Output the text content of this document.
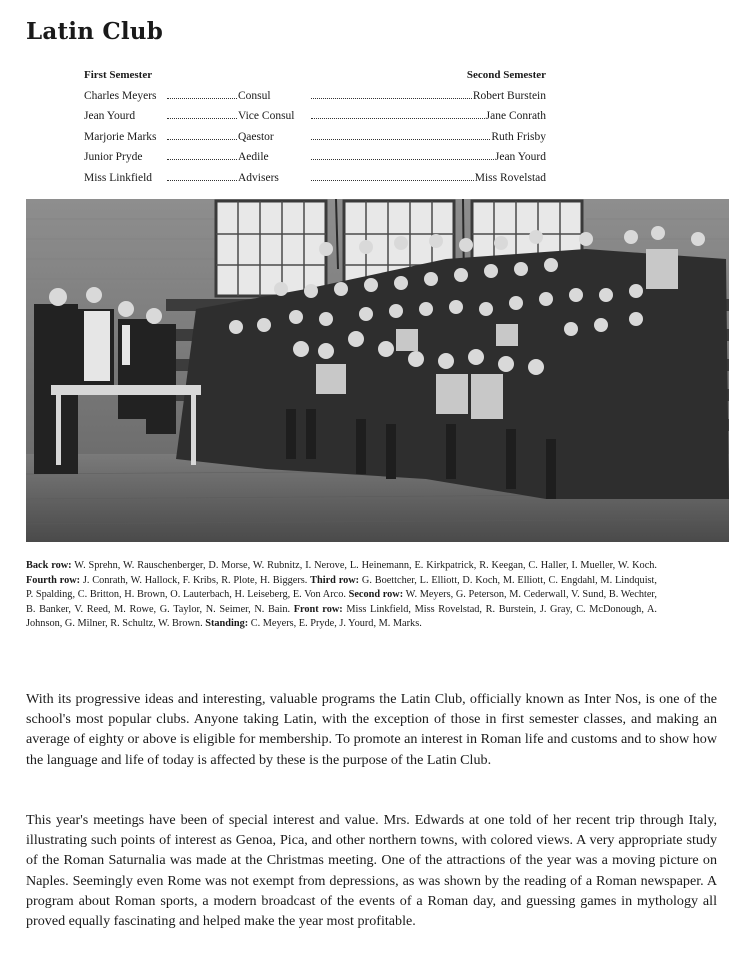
Latin Club
First Semester	Second Semester
Charles Meyers	Consul	Robert Burstein
Jean Yourd	Vice Consul	Jane Conrath
Marjorie Marks	Qaestor	Ruth Frisby
Junior Pryde	Aedile	Jean Yourd
Miss Linkfield	Advisers	Miss Rovelstad
Back row: W. Sprehn, W. Rauschenberger, D. Morse, W. Rubnitz, I. Nerove, L. Heinemann, E. Kirkpatrick, R. Keegan, C. Haller, I. Mueller, W. Koch. Fourth row: J. Conrath, W. Hallock, F. Kribs, R. Plote, H. Biggers. Third row: G. Boettcher, L. Elliott, D. Koch, M. Elliott, C. Engdahl, M. Lindquist, P. Spalding, C. Britton, H. Brown, O. Lauterbach, H. Leiseberg, E. Von Arco. Second row: W. Meyers, G. Peterson, M. Cederwall, V. Sund, B. Wechter, B. Banker, V. Reed, M. Rowe, G. Taylor, N. Seimer, N. Bain. Front row: Miss Linkfield, Miss Rovelstad, R. Burstein, J. Gray, C. McDonough, A. Johnson, G. Milner, R. Schultz, W. Brown. Standing: C. Meyers, E. Pryde, J. Yourd, M. Marks.

With its progressive ideas and interesting, valuable programs the Latin Club, officially known as Inter Nos, is one of the school's most popular clubs. Anyone taking Latin, with the exception of those in first semester classes, and making an average of eighty or above is eligible for membership. To promote an interest in Roman life and customs and to show how the language and life of today is affected by these is the purpose of the Latin Club.

This year's meetings have been of special interest and value. Mrs. Edwards at one told of her recent trip through Italy, illustrating such points of interest as Genoa, Pica, and other northern towns, with colored views. A very appropriate study of the Roman Saturnalia was made at the Christmas meeting. One of the attractions of the year was a moving picture on Naples. Seemingly even Rome was not exempt from depressions, as was shown by the reading of a Roman newspaper. A program about Roman sports, a modern broadcast of the events of a Roman day, and guessing games in mythology all proved equally fascinating and helped make the year most profitable.
